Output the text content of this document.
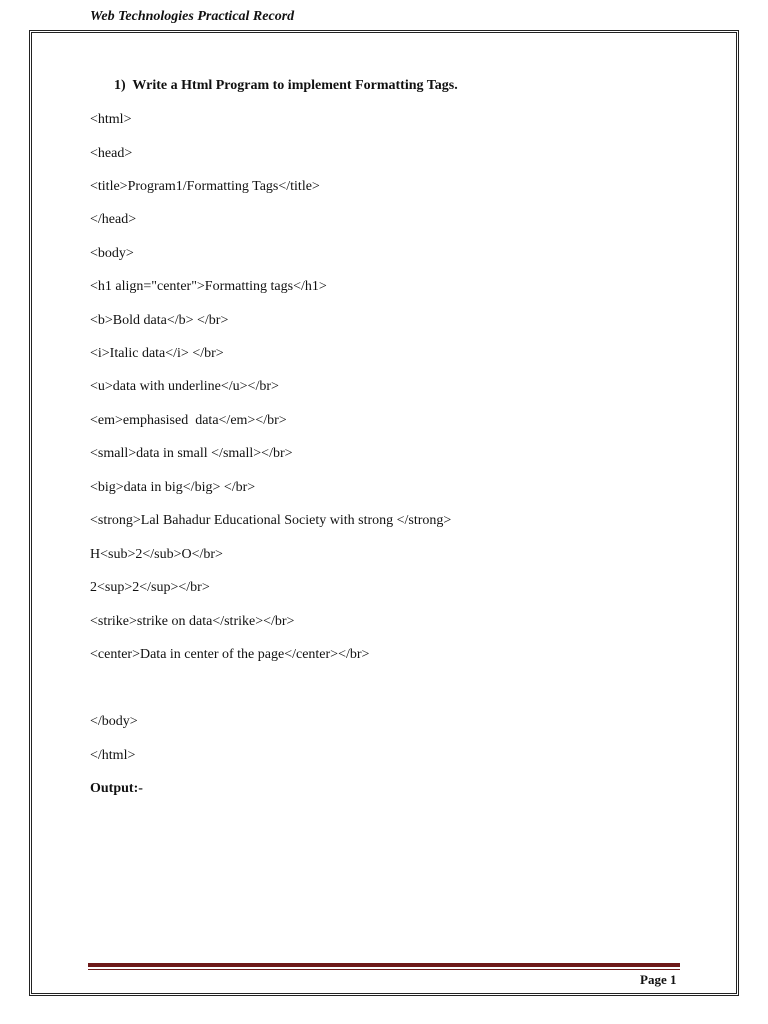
Web Technologies Practical Record
1) Write a Html Program to implement Formatting Tags.
<html>
<head>
<title>Program1/Formatting Tags</title>
</head>
<body>
<h1 align="center">Formatting tags</h1>
<b>Bold data</b> </br>
<i>Italic data</i> </br>
<u>data with underline</u></br>
<em>emphasised  data</em></br>
<small>data in small </small></br>
<big>data in big</big> </br>
<strong>Lal Bahadur Educational Society with strong </strong>
H<sub>2</sub>O</br>
2<sup>2</sup></br>
<strike>strike on data</strike></br>
<center>Data in center of the page</center></br>
</body>
</html>
Output:-
Page 1
